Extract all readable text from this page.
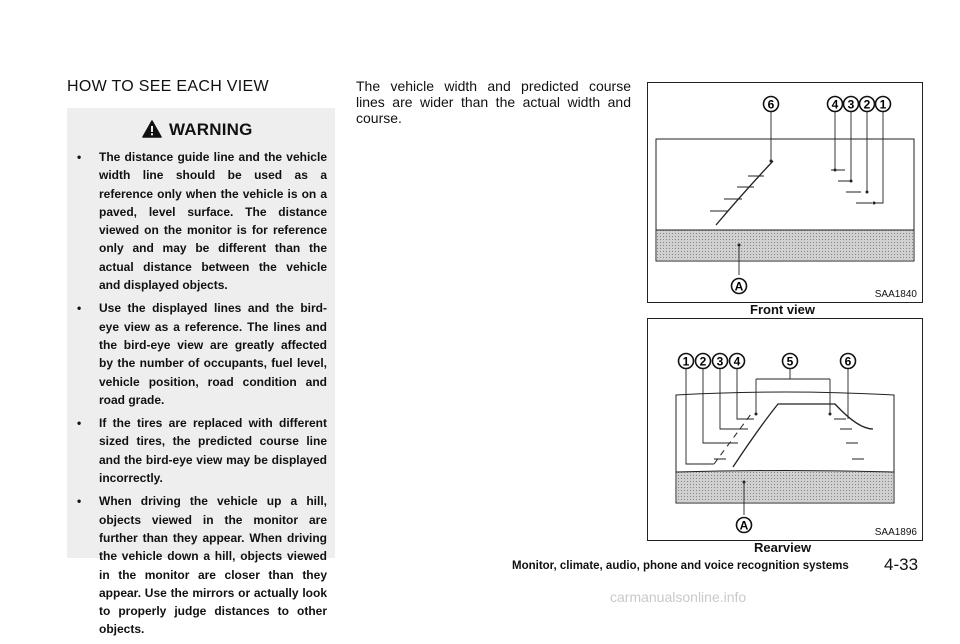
HOW TO SEE EACH VIEW
WARNING
• The distance guide line and the vehicle width line should be used as a reference only when the vehicle is on a paved, level surface. The distance viewed on the monitor is for reference only and may be different than the actual distance between the vehicle and displayed objects.
• Use the displayed lines and the bird-eye view as a reference. The lines and the bird-eye view are greatly affected by the number of occupants, fuel level, vehicle position, road condition and road grade.
• If the tires are replaced with different sized tires, the predicted course line and the bird-eye view may be displayed incorrectly.
• When driving the vehicle up a hill, objects viewed in the monitor are further than they appear. When driving the vehicle down a hill, objects viewed in the monitor are closer than they appear. Use the mirrors or actually look to properly judge distances to other objects.
The vehicle width and predicted course lines are wider than the actual width and course.
6	4 3 2 1
A
SAA1840
Front view
1 2 3 4	5	6
A	SAA1896
Rearview
Monitor, climate, audio, phone and voice recognition systems 4-33
carmanualsonline.info
